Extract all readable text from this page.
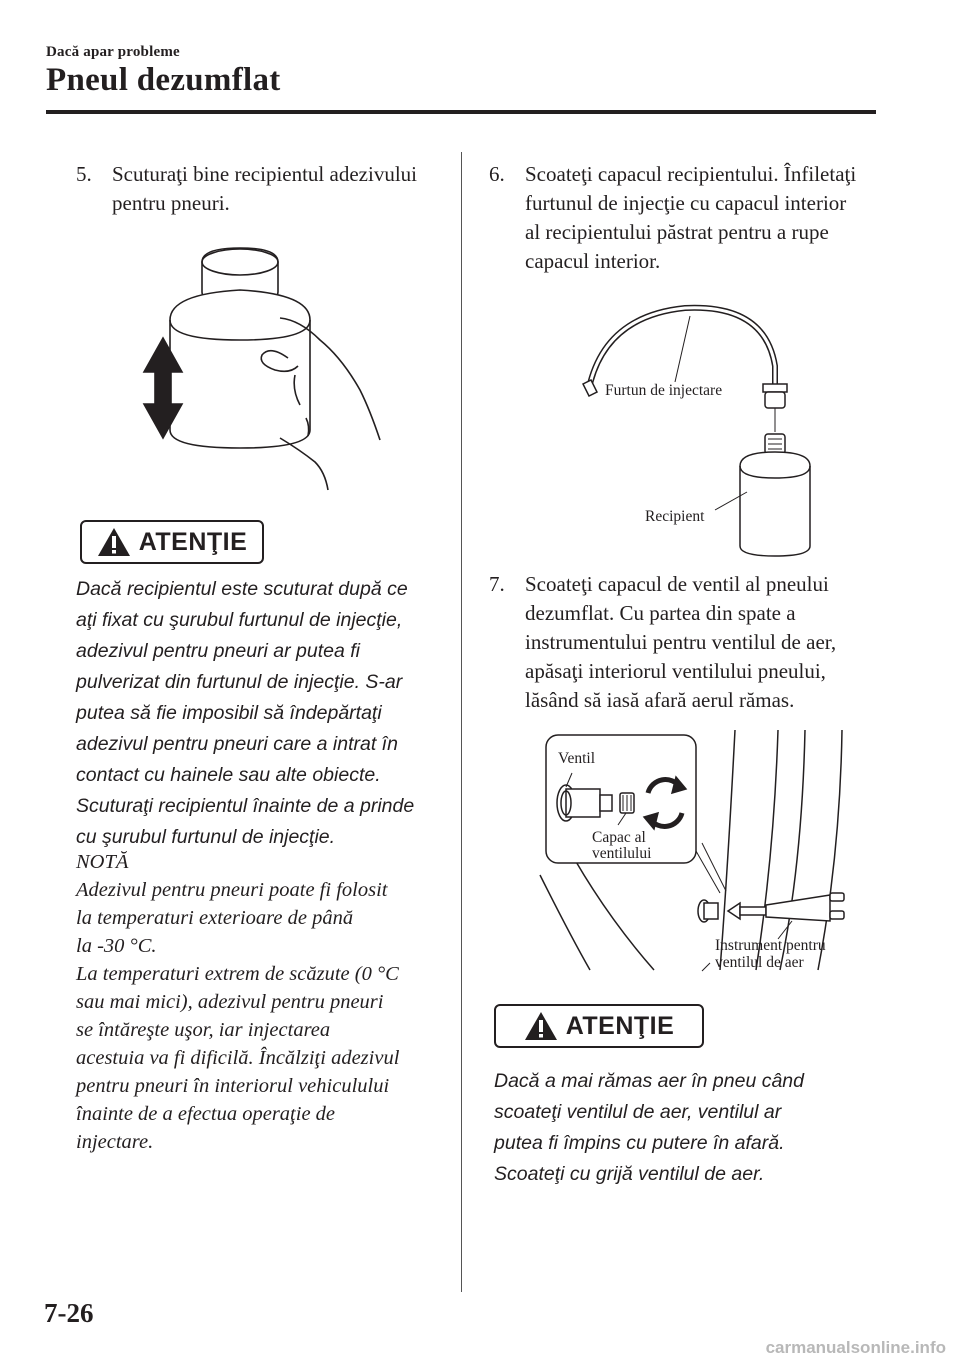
Dacă apar probleme
Pneul dezumflat
5. Scuturaţi bine recipientul adezivului
pentru pneuri.
ATENŢIE
Dacă recipientul este scuturat după ce
aţi fixat cu şurubul furtunul de injecţie,
adezivul pentru pneuri ar putea fi
pulverizat din furtunul de injecţie. S-ar
putea să fie imposibil să îndepărtaţi
adezivul pentru pneuri care a intrat în
contact cu hainele sau alte obiecte.
Scuturaţi recipientul înainte de a prinde
cu şurubul furtunul de injecţie.
NOTĂ
Adezivul pentru pneuri poate fi folosit
la temperaturi exterioare de până
la -30 °C.
La temperaturi extrem de scăzute (0 °C
sau mai mici), adezivul pentru pneuri
se întăreşte uşor, iar injectarea
acestuia va fi dificilă. Încălziţi adezivul
pentru pneuri în interiorul vehiculului
înainte de a efectua operaţie de
injectare.
6. Scoateţi capacul recipientului. Înfiletaţi
furtunul de injecţie cu capacul interior
al recipientului păstrat pentru a rupe
capacul interior.
Furtun de injectare
Recipient
7. Scoateţi capacul de ventil al pneului
dezumflat. Cu partea din spate a
instrumentului pentru ventilul de aer,
apăsaţi interiorul ventilului pneului,
lăsând să iasă afară aerul rămas.
Ventil
Capac al
ventilului
Instrument pentru
ventilul de aer
ATENŢIE
Dacă a mai rămas aer în pneu când
scoateţi ventilul de aer, ventilul ar
putea fi împins cu putere în afară.
Scoateţi cu grijă ventilul de aer.
7-26
carmanualsonline.info
